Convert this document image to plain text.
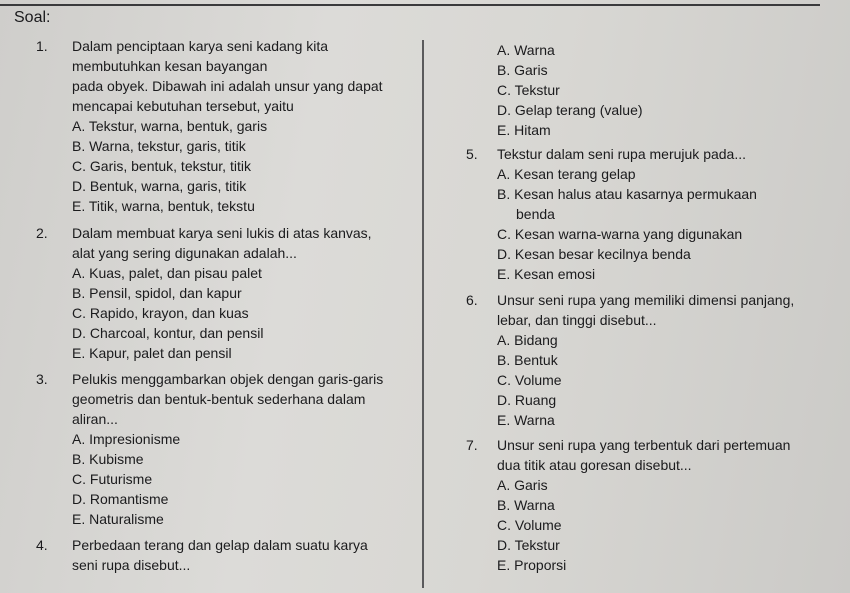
Soal:
1.	Dalam penciptaan karya seni kadang kita
membutuhkan kesan bayangan
pada obyek. Dibawah ini adalah unsur yang dapat
mencapai kebutuhan tersebut, yaitu
A. Tekstur, warna, bentuk, garis
B. Warna, tekstur, garis, titik
C. Garis, bentuk, tekstur, titik
D. Bentuk, warna, garis, titik
E. Titik, warna, bentuk, tekstu
2.	Dalam membuat karya seni lukis di atas kanvas,
alat yang sering digunakan adalah...
A. Kuas, palet, dan pisau palet
B. Pensil, spidol, dan kapur
C. Rapido, krayon, dan kuas
D. Charcoal, kontur, dan pensil
E. Kapur, palet dan pensil
3.	Pelukis menggambarkan objek dengan garis-garis
geometris dan bentuk-bentuk sederhana dalam
aliran...
A. Impresionisme
B. Kubisme
C. Futurisme
D. Romantisme
E. Naturalisme
4.	Perbedaan terang dan gelap dalam suatu karya
seni rupa disebut...
A. Warna
B. Garis
C. Tekstur
D. Gelap terang (value)
E. Hitam
5.	Tekstur dalam seni rupa merujuk pada...
A. Kesan terang gelap
B. Kesan halus atau kasarnya permukaan
benda
C. Kesan warna-warna yang digunakan
D. Kesan besar kecilnya benda
E. Kesan emosi
6.	Unsur seni rupa yang memiliki dimensi panjang,
lebar, dan tinggi disebut...
A. Bidang
B. Bentuk
C. Volume
D. Ruang
E. Warna
7.	Unsur seni rupa yang terbentuk dari pertemuan
dua titik atau goresan disebut...
A. Garis
B. Warna
C. Volume
D. Tekstur
E. Proporsi
